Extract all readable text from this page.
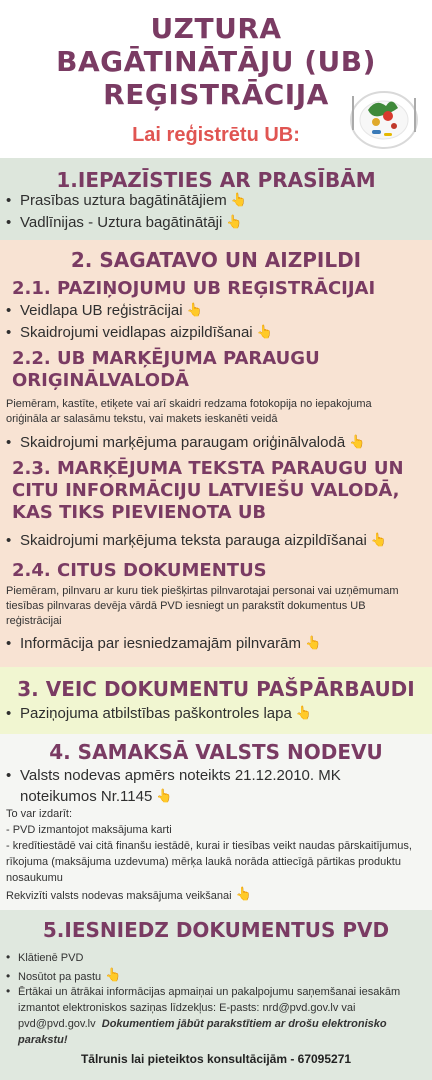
UZTURA
BAGĀTINĀTĀJU (UB)
REĢISTRĀCIJA
Lai reģistrētu UB:
1.IEPAZĪSTIES AR PRASĪBĀM
• Prasības uztura bagātinātājiem 👆
• Vadlīnijas - Uztura bagātinātāji 👆
2. SAGATAVO UN AIZPILDI
2.1. PAZIŅOJUMU UB REĢISTRĀCIJAI
• Veidlapa UB reģistrācijai 👆
• Skaidrojumi veidlapas aizpildīšanai 👆
2.2. UB MARĶĒJUMA PARAUGU
ORIĢINĀLVALODĀ
Piemēram, kastīte, etiķete vai arī skaidri redzama fotokopija no iepakojuma
oriģināla ar salasāmu tekstu, vai makets ieskanēti veidā
• Skaidrojumi marķējuma paraugam oriģinālvalodā 👆
2.3. MARĶĒJUMA TEKSTA PARAUGU UN
CITU INFORMĀCIJU LATVIEŠU VALODĀ,
KAS TIKS PIEVIENOTA UB
• Skaidrojumi marķējuma teksta parauga aizpildīšanai 👆
2.4. CITUS DOKUMENTUS
Piemēram, pilnvaru ar kuru tiek piešķirtas pilnvarotajai personai vai uzņēmumam
tiesības pilnvaras devēja vārdā PVD iesniegt un parakstīt dokumentus UB
reģistrācijai
• Informācija par iesniedzamajām pilnvarām 👆
3. VEIC DOKUMENTU PAŠPĀRBAUDI
• Paziņojuma atbilstības paškontroles lapa 👆
4. SAMAKSĀ VALSTS NODEVU
• Valsts nodevas apmērs noteikts 21.12.2010. MK
noteikumos Nr.1145 👆
To var izdarīt:
- PVD izmantojot maksājuma karti
- kredītiestādē vai citā finanšu iestādē, kurai ir tiesības veikt naudas pārskaitījumus,
rīkojuma (maksājuma uzdevuma) mērķa laukā norāda attiecīgā pārtikas produktu
nosaukumu
Rekvizīti valsts nodevas maksājuma veikšanai 👆
5.IESNIEDZ DOKUMENTUS PVD
• Klātienē PVD
• Nosūtot pa pastu 👆
• Ērtākai un ātrākai informācijas apmaiņai un pakalpojumu saņemšanai iesakām
izmantot elektroniskos saziņas līdzekļus: E-pasts: nrd@pvd.gov.lv vai
pvd@pvd.gov.lv Dokumentiem jābūt parakstītiem ar drošu elektronisko
parakstu!
Tālrunis lai pieteiktos konsultācijām - 67095271
